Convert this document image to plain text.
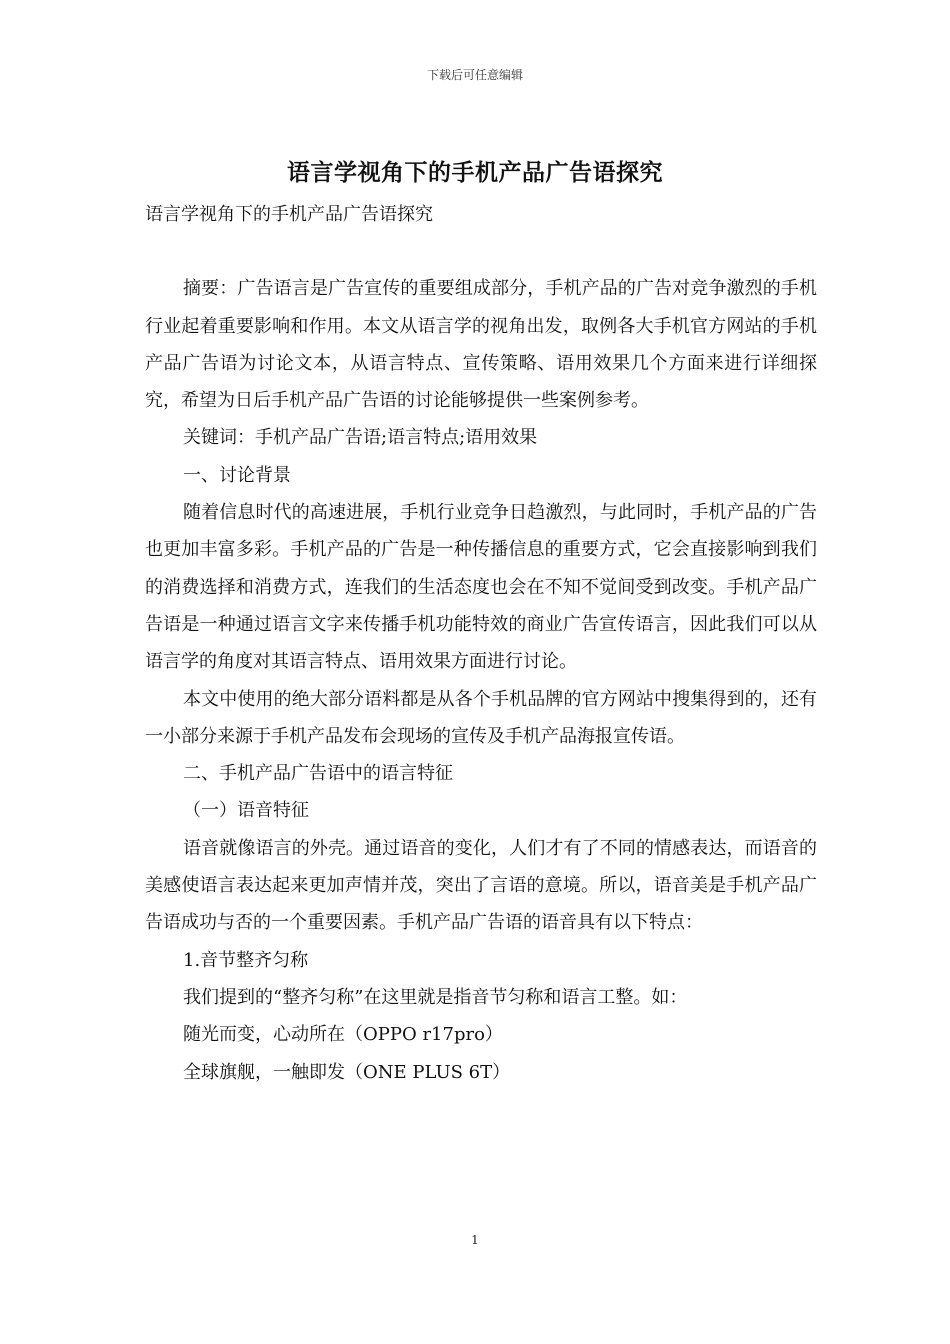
下载后可任意编辑
语言学视角下的手机产品广告语探究

语言学视角下的手机产品广告语探究

摘要：广告语言是广告宣传的重要组成部分，手机产品的广告对竞争激烈的手机行业起着重要影响和作用。本文从语言学的视角出发，取例各大手机官方网站的手机产品广告语为讨论文本，从语言特点、宣传策略、语用效果几个方面来进行详细探究，希望为日后手机产品广告语的讨论能够提供一些案例参考。

关键词：手机产品广告语;语言特点;语用效果

一、讨论背景

随着信息时代的高速进展，手机行业竞争日趋激烈，与此同时，手机产品的广告也更加丰富多彩。手机产品的广告是一种传播信息的重要方式，它会直接影响到我们的消费选择和消费方式，连我们的生活态度也会在不知不觉间受到改变。手机产品广告语是一种通过语言文字来传播手机功能特效的商业广告宣传语言，因此我们可以从语言学的角度对其语言特点、语用效果方面进行讨论。

本文中使用的绝大部分语料都是从各个手机品牌的官方网站中搜集得到的，还有一小部分来源于手机产品发布会现场的宣传及手机产品海报宣传语。

二、手机产品广告语中的语言特征

（一）语音特征

语音就像语言的外壳。通过语音的变化，人们才有了不同的情感表达，而语音的美感使语言表达起来更加声情并茂，突出了言语的意境。所以，语音美是手机产品广告语成功与否的一个重要因素。手机产品广告语的语音具有以下特点：

1.音节整齐匀称

我们提到的“整齐匀称”在这里就是指音节匀称和语言工整。如：

随光而变，心动所在（OPPO r17pro）

全球旗舰，一触即发（ONE PLUS 6T）

1
